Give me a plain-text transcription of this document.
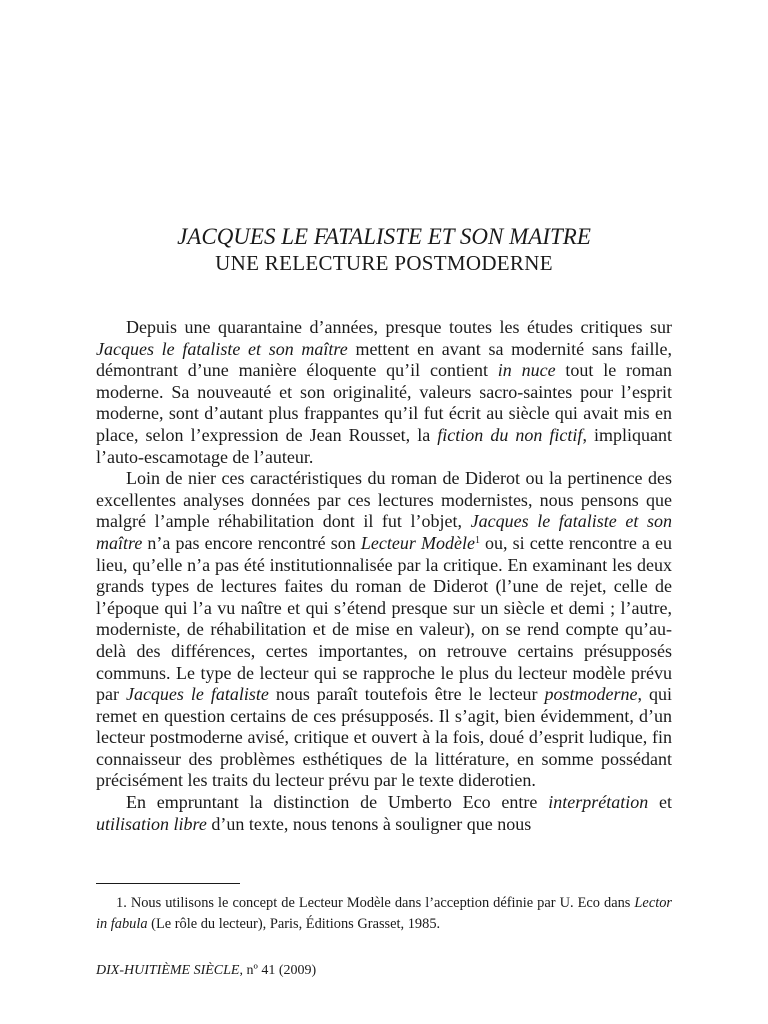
JACQUES LE FATALISTE ET SON MAITRE
UNE RELECTURE POSTMODERNE

Depuis une quarantaine d’années, presque toutes les études critiques sur Jacques le fataliste et son maître mettent en avant sa modernité sans faille, démontrant d’une manière éloquente qu’il contient in nuce tout le roman moderne. Sa nouveauté et son originalité, valeurs sacro-saintes pour l’esprit moderne, sont d’autant plus frappantes qu’il fut écrit au siècle qui avait mis en place, selon l’expression de Jean Rousset, la fiction du non fictif, impliquant l’auto-escamotage de l’auteur.

Loin de nier ces caractéristiques du roman de Diderot ou la pertinence des excellentes analyses données par ces lectures modernistes, nous pensons que malgré l’ample réhabilitation dont il fut l’objet, Jacques le fataliste et son maître n’a pas encore rencontré son Lecteur Modèle$^1$ ou, si cette rencontre a eu lieu, qu’elle n’a pas été institutionnalisée par la critique. En examinant les deux grands types de lectures faites du roman de Diderot (l’une de rejet, celle de l’époque qui l’a vu naître et qui s’étend presque sur un siècle et demi ; l’autre, moderniste, de réhabilitation et de mise en valeur), on se rend compte qu’au-delà des différences, certes importantes, on retrouve certains présupposés communs. Le type de lecteur qui se rapproche le plus du lecteur modèle prévu par Jacques le fataliste nous paraît toutefois être le lecteur postmoderne, qui remet en question certains de ces présupposés. Il s’agit, bien évidemment, d’un lecteur postmoderne avisé, critique et ouvert à la fois, doué d’esprit ludique, fin connaisseur des problèmes esthétiques de la littérature, en somme possédant précisément les traits du lecteur prévu par le texte diderotien.

En empruntant la distinction de Umberto Eco entre interprétation et utilisation libre d’un texte, nous tenons à souligner que nous

1. Nous utilisons le concept de Lecteur Modèle dans l’acception définie par U. Eco dans Lector in fabula (Le rôle du lecteur), Paris, Éditions Grasset, 1985.
DIX-HUITIÈME SIÈCLE, nº 41 (2009)
